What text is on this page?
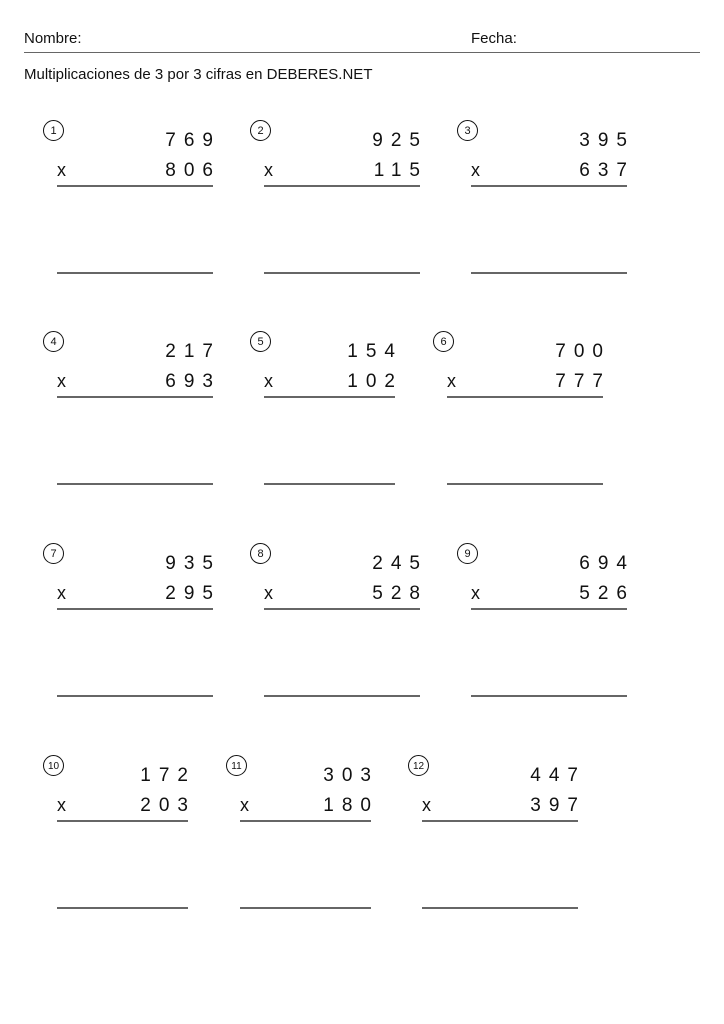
Nombre:	Fecha:
Multiplicaciones de 3 por 3 cifras en DEBERES.NET
1	769
x	806
2	925
x	115
3	395
x	637
4	217
x	693
5	154
x	102
6	700
x	777
7	935
x	295
8	245
x	528
9	694
x	526
10	172
x	203
11	303
x	180
12	447
x	397
